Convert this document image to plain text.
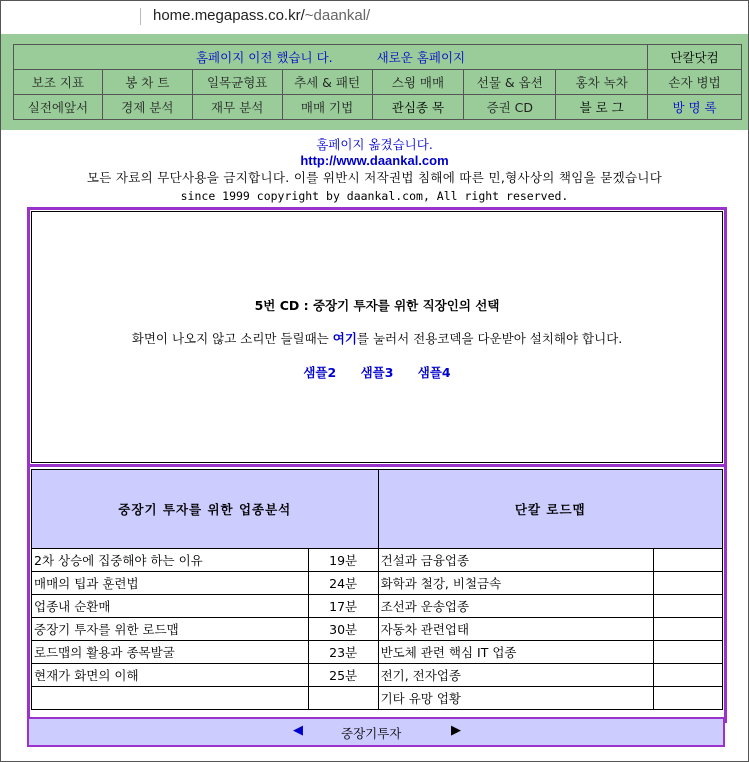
home.megapass.co.kr/~daankal/
홈페이지 이전 했습니 다. 새로운 홈페이지							단칼닷컴
보조 지표	봉 차 트	일목균형표	추세 & 패턴	스윙 매매	선물 & 옵션	홍차 녹차	손자 병법
실전에앞서	경제 분석	재무 분석	매매 기법	관심종 목	증권 CD	블 로 그	방 명 록
홈페이지 옮겼습니다.
http://www.daankal.com
모든 자료의 무단사용을 금지합니다. 이를 위반시 저작권법 침해에 따른 민,형사상의 책임을 묻겠습니다
since 1999 copyright by daankal.com, All right reserved.
5번 CD : 중장기 투자를 위한 직장인의 선택
화면이 나오지 않고 소리만 들릴때는 여기를 눌러서 전용코덱을 다운받아 설치해야 합니다.
샘플2 샘플3 샘플4
중장기 투자를 위한 업종분석		단칼 로드맵	
2차 상승에 집중해야 하는 이유	19분	건설과 금융업종	
매매의 팁과 훈련법	24분	화학과 철강, 비철금속	
업종내 순환매	17분	조선과 운송업종	
중장기 투자를 위한 로드맵	30분	자동차 관련업태	
로드맵의 활용과 종목발굴	23분	반도체 관련 핵심 IT 업종	
현재가 화면의 이해	25분	전기, 전자업종	
		기타 유망 업황	
◀	중장기투자	▶
